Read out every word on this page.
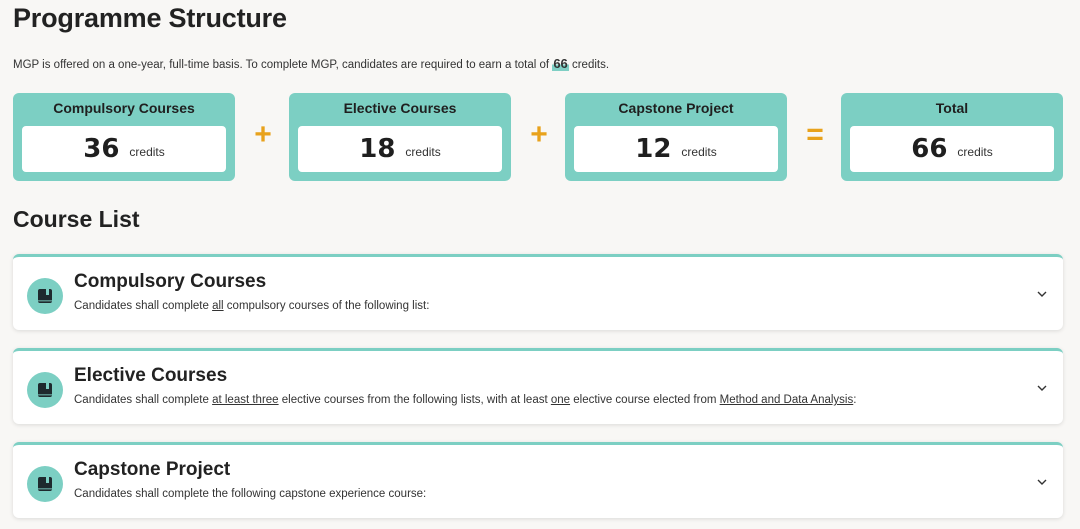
Programme Structure

MGP is offered on a one-year, full-time basis. To complete MGP, candidates are required to earn a total of 66 credits.

Compulsory Courses
36 credits
+
Elective Courses
18 credits
+
Capstone Project
12 credits
=
Total
66 credits
Course List
Compulsory Courses
Candidates shall complete all compulsory courses of the following list:
Elective Courses
Candidates shall complete at least three elective courses from the following lists, with at least one elective course elected from Method and Data Analysis:
Capstone Project
Candidates shall complete the following capstone experience course:
